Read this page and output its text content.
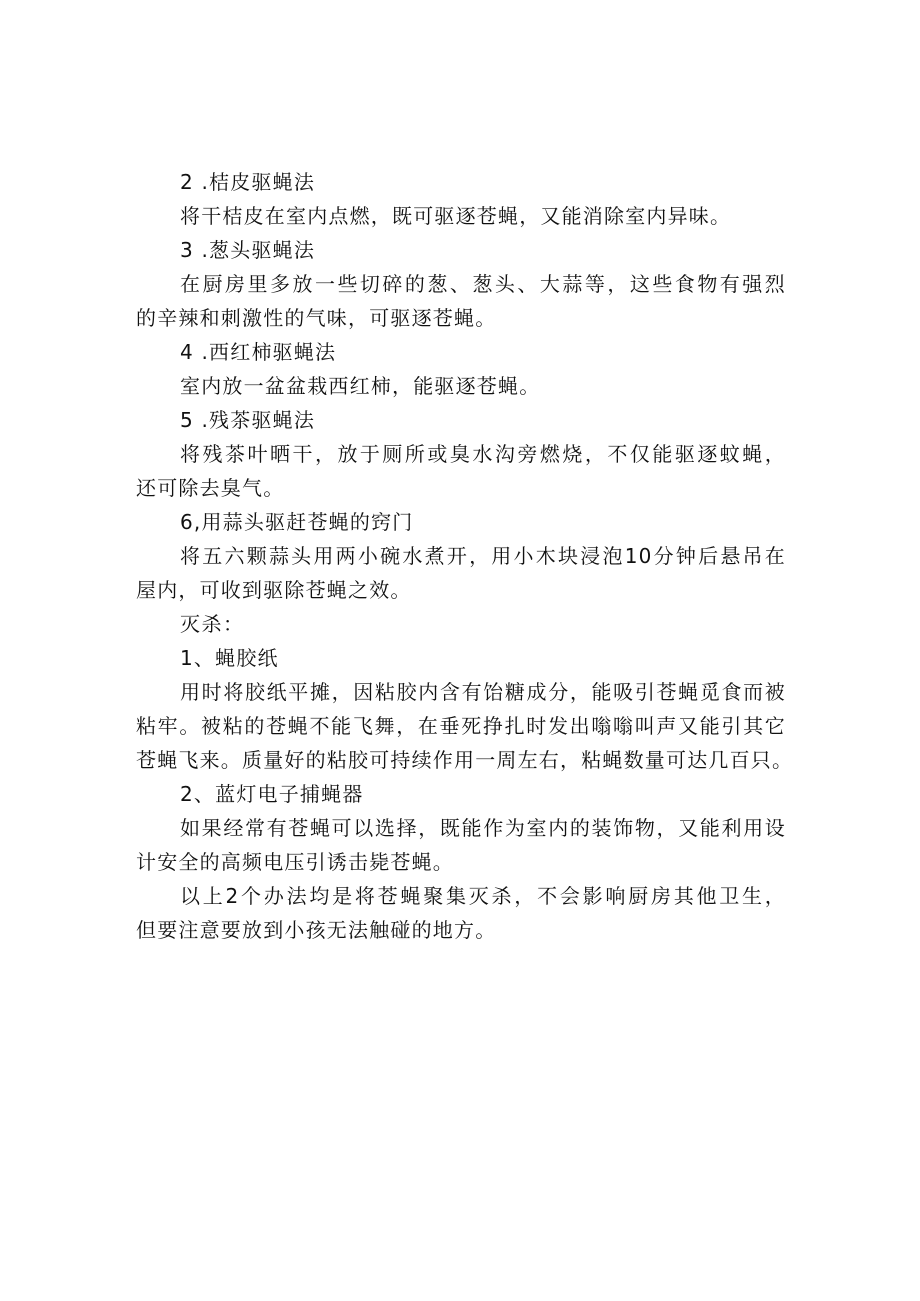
2 .桔皮驱蝇法
将干桔皮在室内点燃，既可驱逐苍蝇，又能消除室内异味。
3 .葱头驱蝇法
在厨房里多放一些切碎的葱、葱头、大蒜等，这些食物有强烈
的辛辣和刺激性的气味，可驱逐苍蝇。
4 .西红柿驱蝇法
室内放一盆盆栽西红柿，能驱逐苍蝇。
5 .残茶驱蝇法
将残茶叶晒干，放于厕所或臭水沟旁燃烧，不仅能驱逐蚊蝇，
还可除去臭气。
6,用蒜头驱赶苍蝇的窍门
将五六颗蒜头用两小碗水煮开，用小木块浸泡10分钟后悬吊在
屋内，可收到驱除苍蝇之效。
灭杀：
1、蝇胶纸
用时将胶纸平摊，因粘胶内含有饴糖成分，能吸引苍蝇觅食而被
粘牢。被粘的苍蝇不能飞舞，在垂死挣扎时发出嗡嗡叫声又能引其它
苍蝇飞来。质量好的粘胶可持续作用一周左右，粘蝇数量可达几百只。
2、蓝灯电子捕蝇器
如果经常有苍蝇可以选择，既能作为室内的装饰物，又能利用设
计安全的高频电压引诱击毙苍蝇。
以上2个办法均是将苍蝇聚集灭杀，不会影响厨房其他卫生，
但要注意要放到小孩无法触碰的地方。
